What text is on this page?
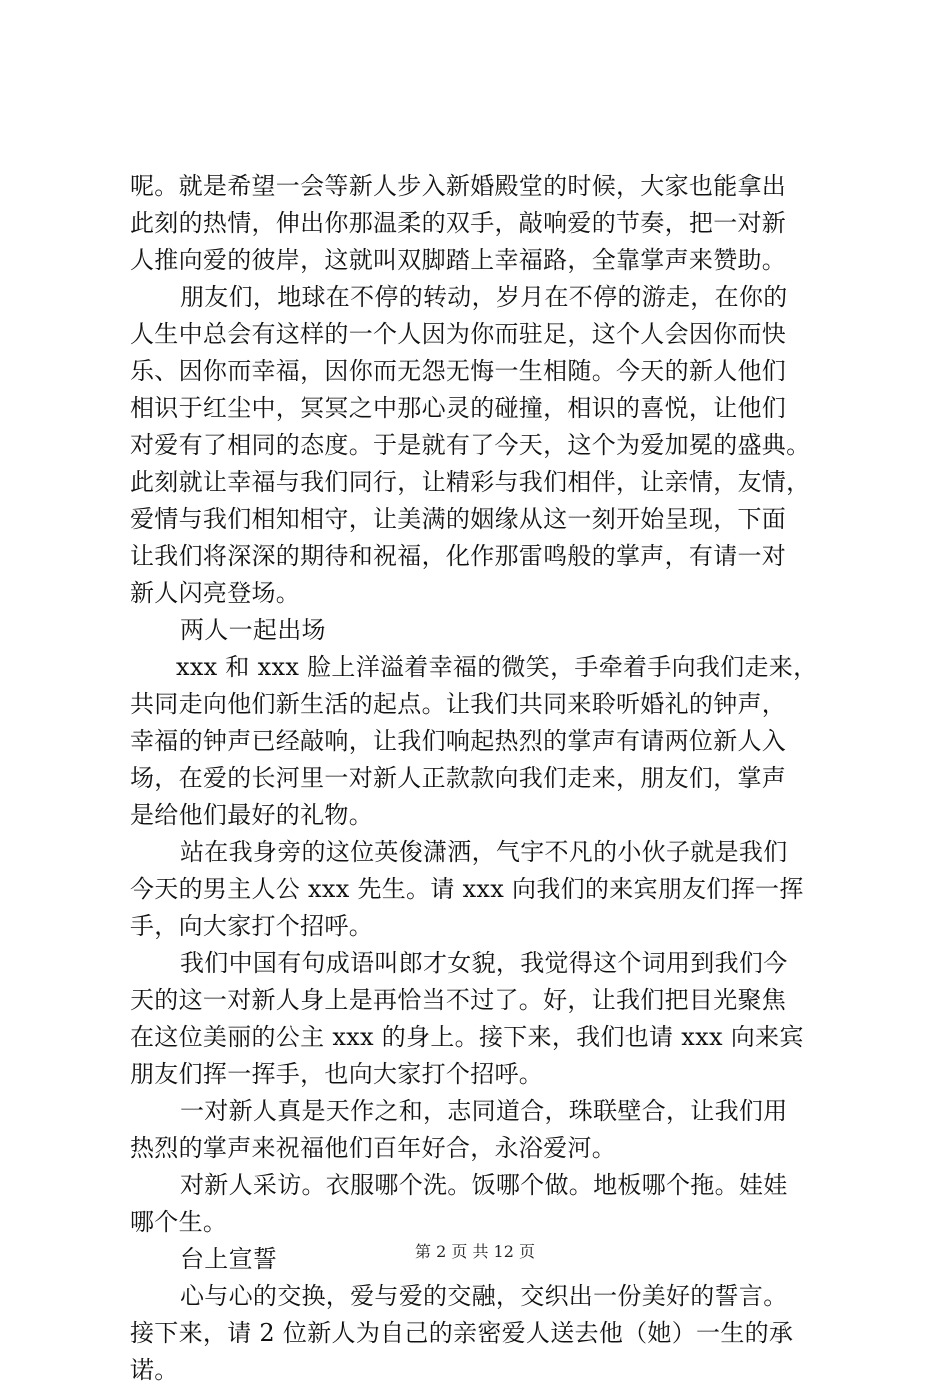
呢。就是希望一会等新人步入新婚殿堂的时候，大家也能拿出
此刻的热情，伸出你那温柔的双手，敲响爱的节奏，把一对新
人推向爱的彼岸，这就叫双脚踏上幸福路，全靠掌声来赞助。
朋友们，地球在不停的转动，岁月在不停的游走，在你的
人生中总会有这样的一个人因为你而驻足，这个人会因你而快
乐、因你而幸福，因你而无怨无悔一生相随。今天的新人他们
相识于红尘中，冥冥之中那心灵的碰撞，相识的喜悦，让他们
对爱有了相同的态度。于是就有了今天，这个为爱加冕的盛典。
此刻就让幸福与我们同行，让精彩与我们相伴，让亲情，友情，
爱情与我们相知相守，让美满的姻缘从这一刻开始呈现，下面
让我们将深深的期待和祝福，化作那雷鸣般的掌声，有请一对
新人闪亮登场。
两人一起出场
xxx 和 xxx 脸上洋溢着幸福的微笑，手牵着手向我们走来，
共同走向他们新生活的起点。让我们共同来聆听婚礼的钟声，
幸福的钟声已经敲响，让我们响起热烈的掌声有请两位新人入
场，在爱的长河里一对新人正款款向我们走来，朋友们，掌声
是给他们最好的礼物。
站在我身旁的这位英俊潇洒，气宇不凡的小伙子就是我们
今天的男主人公 xxx 先生。请 xxx 向我们的来宾朋友们挥一挥
手，向大家打个招呼。
我们中国有句成语叫郎才女貌，我觉得这个词用到我们今
天的这一对新人身上是再恰当不过了。好，让我们把目光聚焦
在这位美丽的公主 xxx 的身上。接下来，我们也请 xxx 向来宾
朋友们挥一挥手，也向大家打个招呼。
一对新人真是天作之和，志同道合，珠联壁合，让我们用
热烈的掌声来祝福他们百年好合，永浴爱河。
对新人采访。衣服哪个洗。饭哪个做。地板哪个拖。娃娃
哪个生。
台上宣誓
心与心的交换，爱与爱的交融，交织出一份美好的誓言。
接下来，请 2 位新人为自己的亲密爱人送去他（她）一生的承
诺。
第 2 页 共 12 页
